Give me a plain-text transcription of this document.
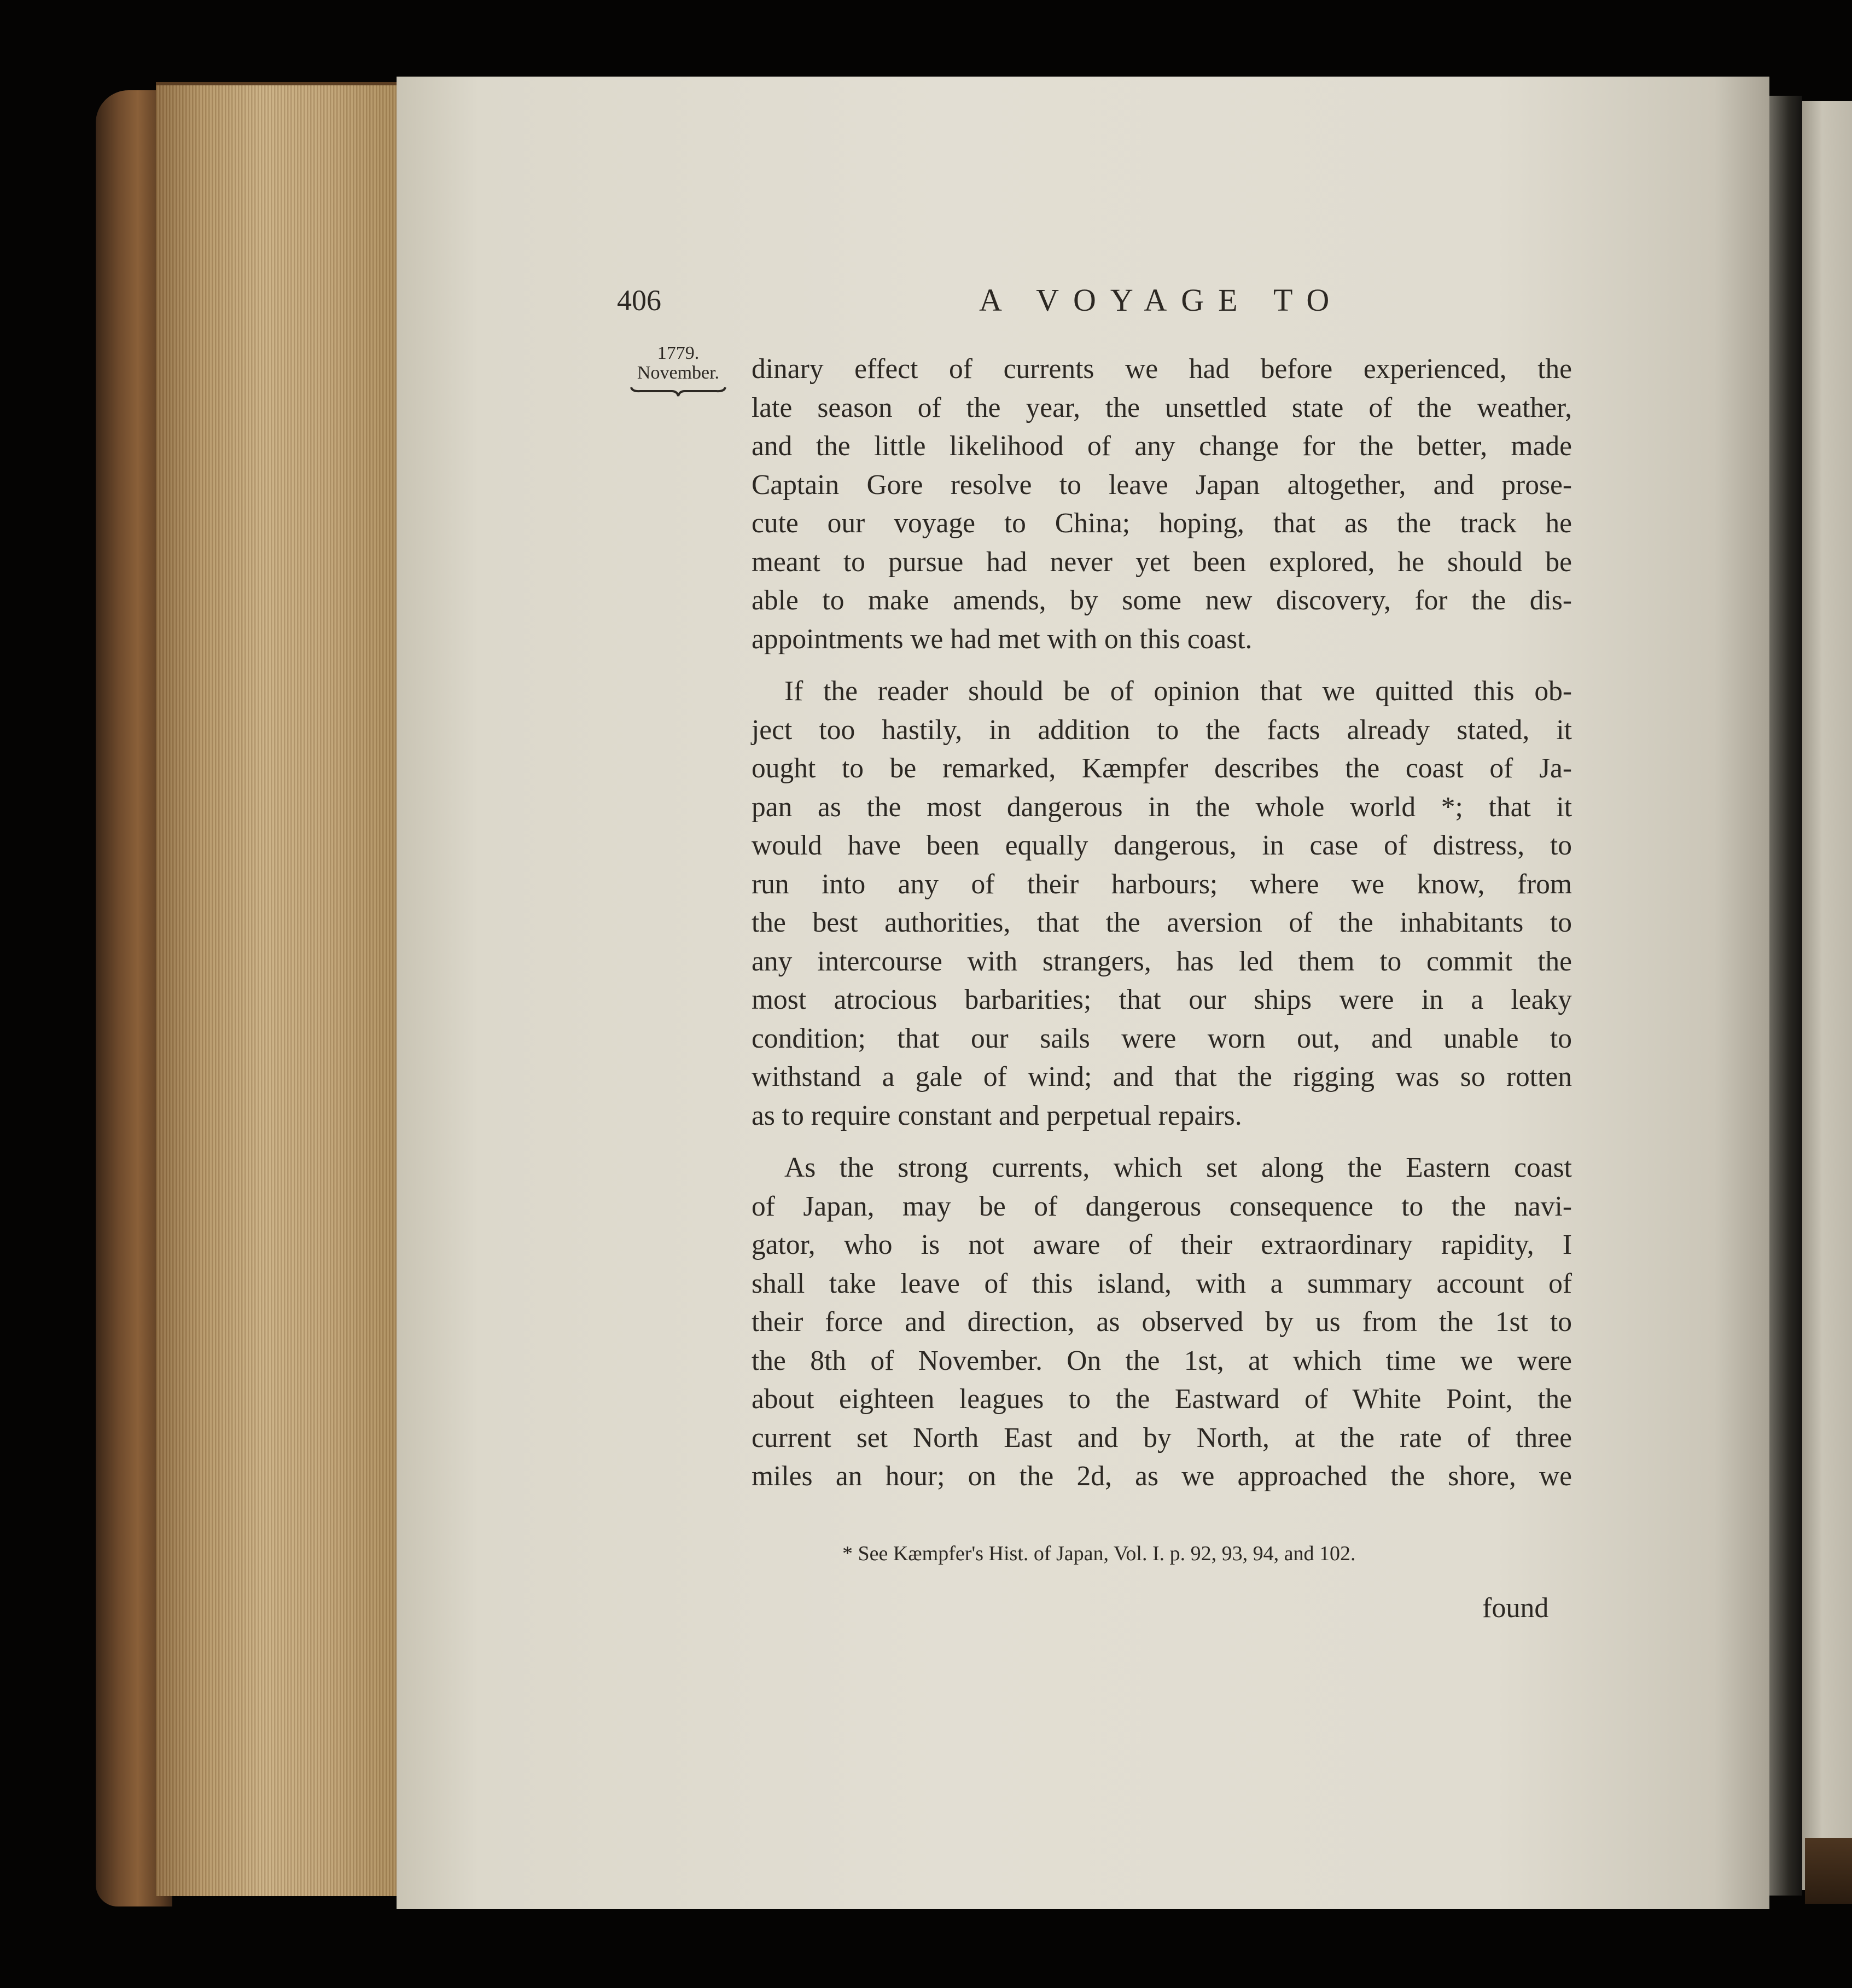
406	A VOYAGE TO
1779.
November. dinary effect of currents we had before experienced, the
late season of the year, the unsettled state of the weather,
and the little likelihood of any change for the better, made
Captain Gore resolve to leave Japan altogether, and prose-
cute our voyage to China; hoping, that as the track he
meant to pursue had never yet been explored, he should be
able to make amends, by some new discovery, for the dis-
appointments we had met with on this coast.
If the reader should be of opinion that we quitted this ob-
ject too hastily, in addition to the facts already stated, it
ought to be remarked, Kæmpfer describes the coast of Ja-
pan as the most dangerous in the whole world *; that it
would have been equally dangerous, in case of distress, to
run into any of their harbours; where we know, from
the best authorities, that the aversion of the inhabitants to
any intercourse with strangers, has led them to commit the
most atrocious barbarities; that our ships were in a leaky
condition; that our sails were worn out, and unable to
withstand a gale of wind; and that the rigging was so rotten
as to require constant and perpetual repairs.
As the strong currents, which set along the Eastern coast
of Japan, may be of dangerous consequence to the navi-
gator, who is not aware of their extraordinary rapidity, I
shall take leave of this island, with a summary account of
their force and direction, as observed by us from the 1st to
the 8th of November. On the 1st, at which time we were
about eighteen leagues to the Eastward of White Point, the
current set North East and by North, at the rate of three
miles an hour; on the 2d, as we approached the shore, we
* See Kæmpfer's Hist. of Japan, Vol. I. p. 92, 93, 94, and 102.
found
